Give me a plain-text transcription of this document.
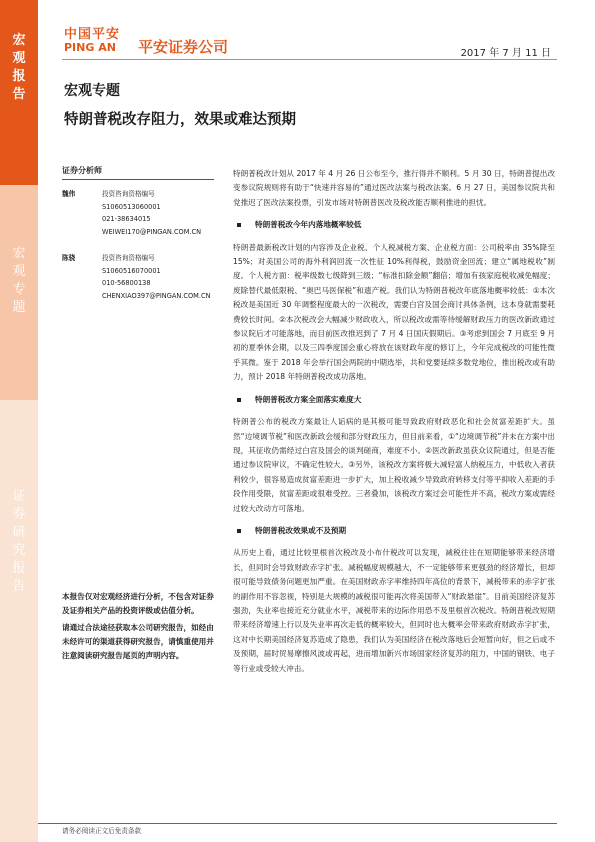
宏
观
报
告
宏
观
专
题
证
券
研
究
报
告
中国平安
PING AN 平安证券公司	2017 年 7 月 11 日
宏观专题
特朗普税改存阻力，效果或难达预期
证券分析师
魏伟	投资咨询资格编号
S1060513060001
021-38634015
WEIWEI170@PINGAN.COM.CN
陈骁	投资咨询资格编号
S1060516070001
010-56800138
CHENXIAO397@PINGAN.COM.CN

本报告仅对宏观经济进行分析，不包含对证券及证券相关产品的投资评级或估值分析。

请通过合法途径获取本公司研究报告，如经由未经许可的渠道获得研究报告，请慎重使用并注意阅读研究报告尾页的声明内容。

特朗普税改计划从 2017 年 4 月 26 日公布至今，推行得并不顺利。5 月 30 日，特朗普提出改变参议院规则将有助于“快速并容易的”通过医改法案与税改法案。6 月 27 日，美国参议院共和党推迟了医改法案投票，引发市场对特朗普医改及税改能否顺利推进的担忧。

特朗普税改今年内落地概率较低

特朗普最新税改计划的内容涉及企业税、个人税减税方案、企业税方面：公司税率由 35%降至 15%；对美国公司的海外利润回流一次性征 10%利得税，鼓励资金回流；建立“属地税收”制度。个人税方面：税率级数七级降到三级；“标准扣除金额”翻倍；增加有孩家庭税收减免幅度；废除替代最低限税、“奥巴马医保税”和遗产税。我们认为特朗普税改年底落地概率较低：①本次税改是美国近 30 年调整程度最大的一次税改，需要白宫及国会商讨具体条例，这本身就需要耗费较长时间。②本次税改会大幅减少财政收入，所以税改或需等待缓解财政压力的医改新政通过参议院后才可能落地，而目前医改推迟到了 7 月 4 日国庆假期后。③考虑到国会 7 月底至 9 月初的夏季休会期，以及三四季度国会重心将放在该财政年度的修订上，今年完成税改的可能性微乎其微。鉴于 2018 年会举行国会两院的中期选举，共和党要延续多数党地位，推出税改或有助力，预计 2018 年特朗普税改成功落地。

特朗普税改方案全面落实难度大

特朗普公布的税改方案最让人诟病的是其极可能导致政府财政恶化和社会贫富差距扩大。虽然“边境调节税”和医改新政会缓和部分财政压力，但目前来看，①“边境调节税”并未在方案中出现，其征收仍需经过白宫及国会的谈判磋商，难度不小。②医改新政虽获众议院通过，但是否能通过参议院审议，不确定性较大。③另外，该税改方案将极大减轻富人纳税压力，中低收入者获利较少，很容易造成贫富差距进一步扩大，加上税收减少导致政府转移支付等平抑收入差距的手段作用受限，贫富差距或很难受控。三者叠加，该税改方案过会可能性并不高，税改方案或需经过较大改动方可落地。

特朗普税改效果或不及预期

从历史上看，通过比较里根首次税改及小布什税改可以发现，减税往往在短期能够带来经济增长，但同时会导致财政赤字扩张。减税幅度规模越大，不一定能够带来更强劲的经济增长，但却很可能导致债务问题更加严重。在美国财政赤字率维持四年高位的背景下，减税带来的赤字扩张的副作用不容忽视，特别是大规模的减税很可能再次将美国带入“财政悬崖”。目前美国经济复苏强劲，失业率也接近充分就业水平，减税带来的边际作用恐不及里根首次税改。特朗普税改短期带来经济增速上行以及失业率再次走低的概率较大，但同时也大概率会带来政府财政赤字扩张，这对中长期美国经济复苏造成了隐患，我们认为美国经济在税改落地后会短暂向好，但之后或不及预期，届时贸易摩擦风波或再起，进而增加新兴市场国家经济复苏的阻力，中国的钢铁、电子等行业或受较大冲击。

请务必阅读正文后免责条款
